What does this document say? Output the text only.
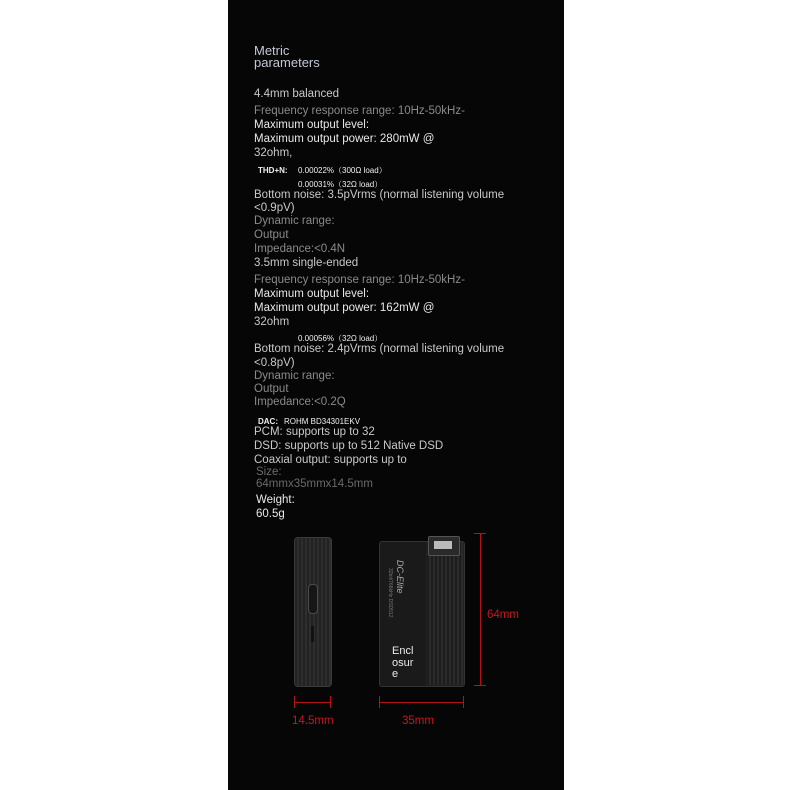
Metric
parameters
4.4mm balanced
Frequency response range: 10Hz-50kHz-
Maximum output level:
Maximum output power: 280mW @
32ohm,
THD+N: 0.00022%（300Ω load）
0.00031%（32Ω load）
Bottom noise: 3.5pVrms (normal listening volume
<0.9pV)
Dynamic range:
Output
Impedance:<0.4N
3.5mm single-ended
Frequency response range: 10Hz-50kHz-
Maximum output level:
Maximum output power: 162mW @
32ohm
0.00056%（32Ω load）
Bottom noise: 2.4pVrms (normal listening volume
<0.8pV)
Dynamic range:
Output
Impedance:<0.2Q
DAC: ROHM BD34301EKV
PCM: supports up to 32
DSD: supports up to 512 Native DSD
Coaxial output: supports up to
Size:
64mmx35mmx14.5mm
Weight:
60.5g
DC-Elite
32bit/768kHz DSD512
Encl
osur
e
64mm
14.5mm	35mm
